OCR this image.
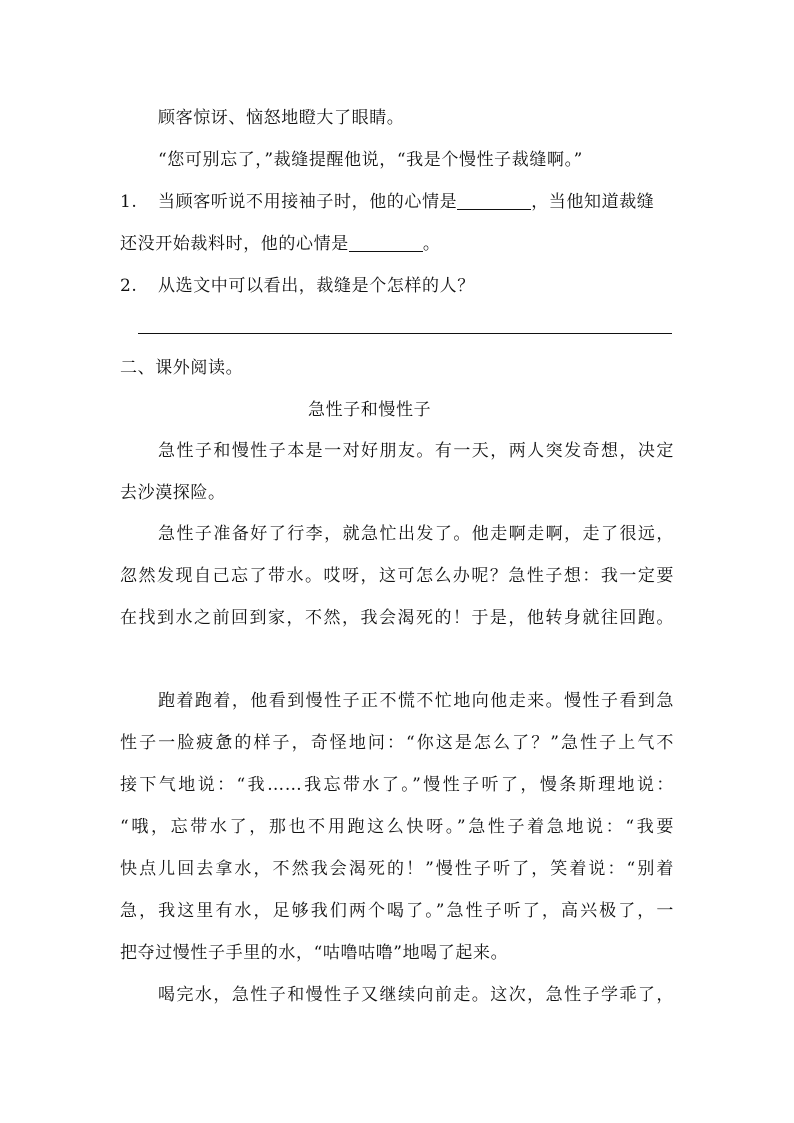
顾客惊讶、恼怒地瞪大了眼睛。
“您可别忘了，”裁缝提醒他说，“我是个慢性子裁缝啊。”
1. 当顾客听说不用接袖子时，他的心情是	，当他知道裁缝
还没开始裁料时，他的心情是	。
2. 从选文中可以看出，裁缝是个怎样的人？
二、课外阅读。
急性子和慢性子
急性子和慢性子本是一对好朋友。有一天，两人突发奇想，决定
去沙漠探险。
急性子准备好了行李，就急忙出发了。他走啊走啊，走了很远，
忽然发现自己忘了带水。哎呀，这可怎么办呢？急性子想：我一定要
在找到水之前回到家，不然，我会渴死的！于是，他转身就往回跑。
跑着跑着，他看到慢性子正不慌不忙地向他走来。慢性子看到急
性子一脸疲惫的样子，奇怪地问：“你这是怎么了？”急性子上气不
接下气地说：“我……我忘带水了。”慢性子听了，慢条斯理地说：
“哦，忘带水了，那也不用跑这么快呀。”急性子着急地说：“我要
快点儿回去拿水，不然我会渴死的！”慢性子听了，笑着说：“别着
急，我这里有水，足够我们两个喝了。”急性子听了，高兴极了，一
把夺过慢性子手里的水，“咕噜咕噜”地喝了起来。
喝完水，急性子和慢性子又继续向前走。这次，急性子学乖了，
